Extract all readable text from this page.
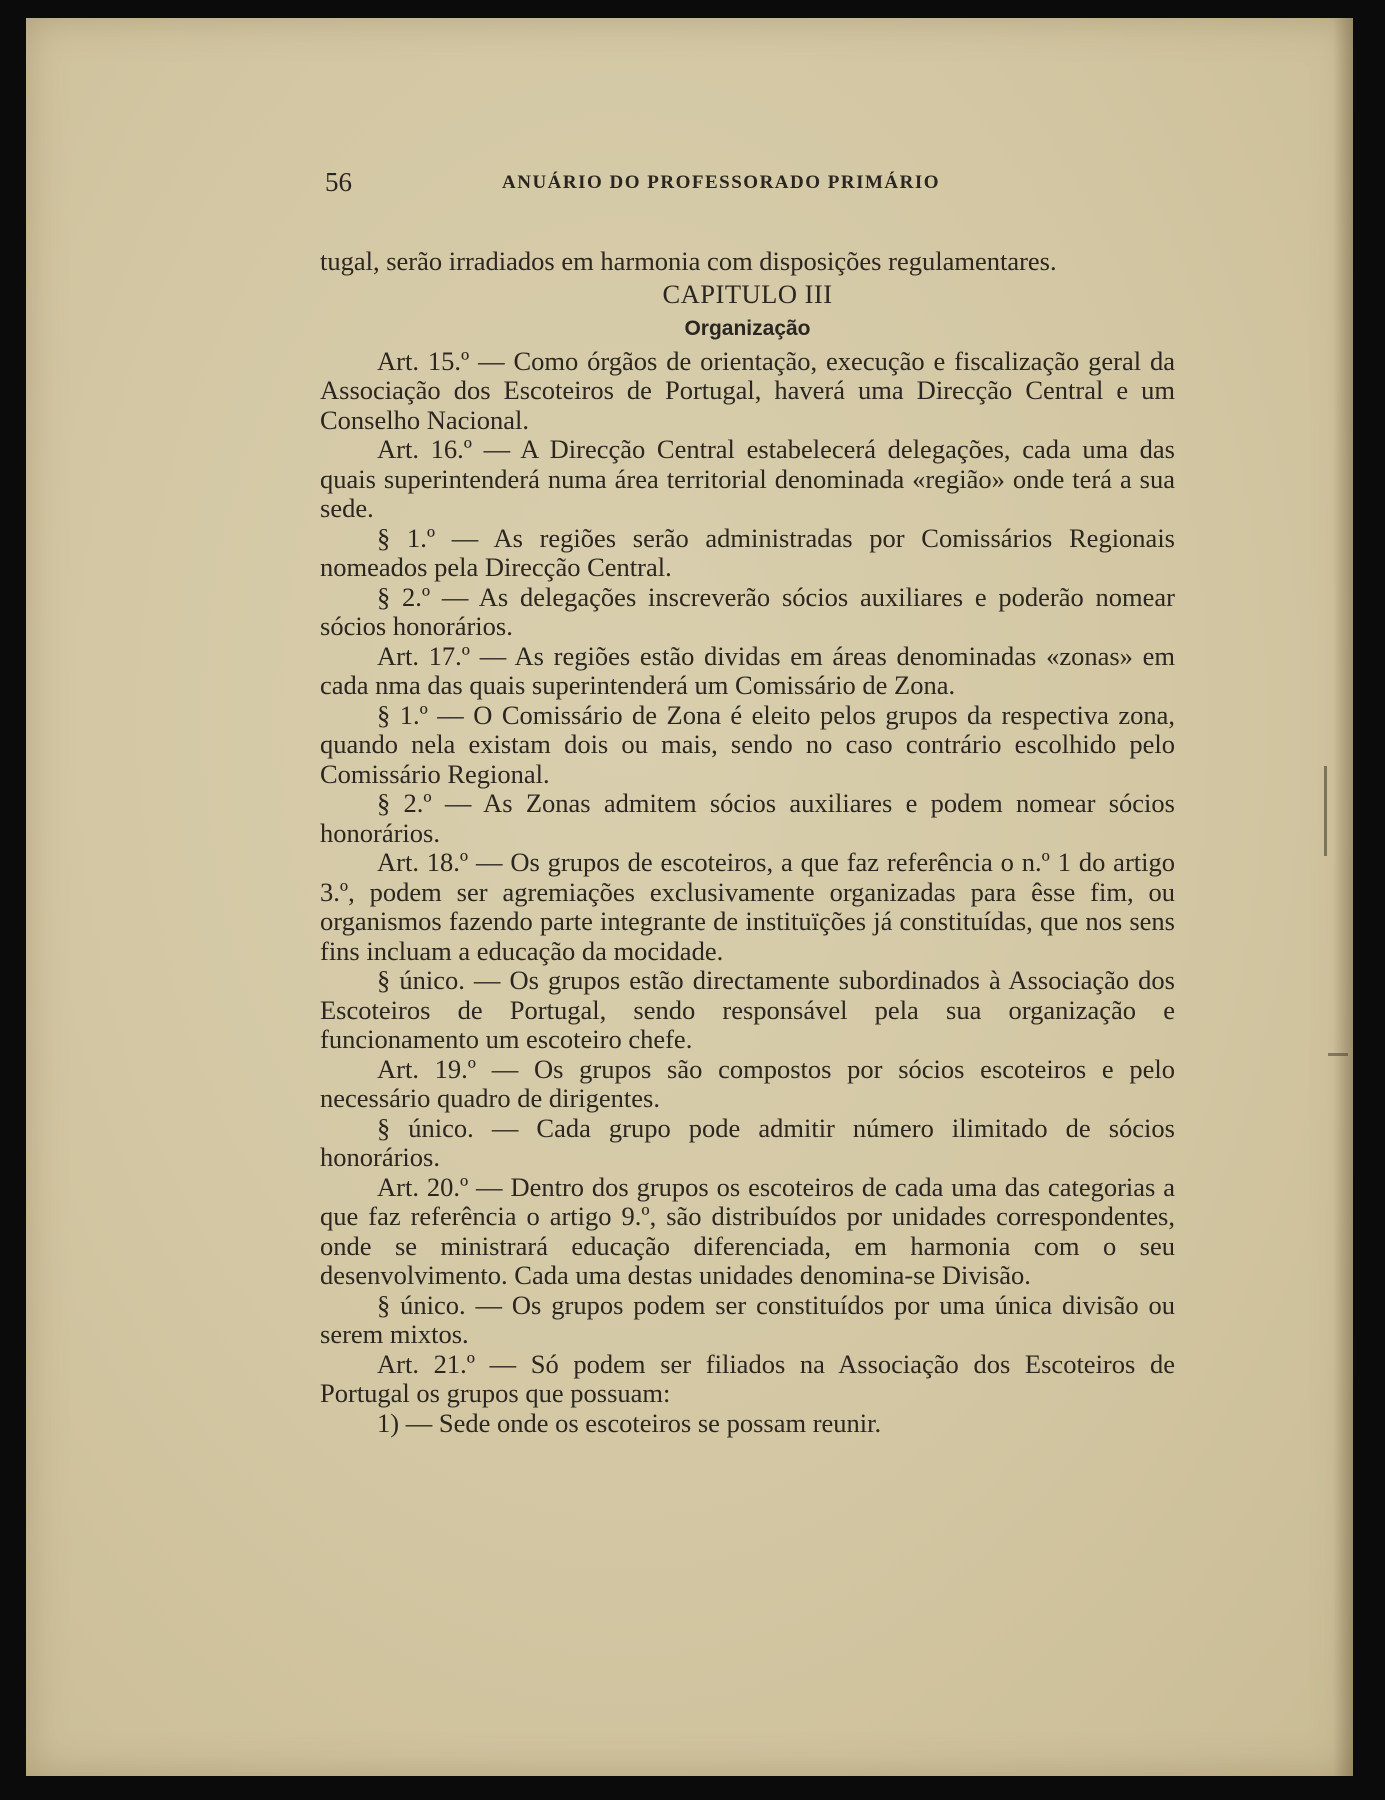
56	ANUÁRIO DO PROFESSORADO PRIMÁRIO

tugal, serão irradiados em harmonia com disposições regulamentares.

CAPITULO III

Organização

Art. 15.º — Como órgãos de orientação, execução e fiscalização geral da Associação dos Escoteiros de Portugal, haverá uma Direcção Central e um Conselho Nacional.

Art. 16.º — A Direcção Central estabelecerá delegações, cada uma das quais superintenderá numa área territorial denominada «região» onde terá a sua sede.

§ 1.º — As regiões serão administradas por Comissários Regionais nomeados pela Direcção Central.

§ 2.º — As delegações inscreverão sócios auxiliares e poderão nomear sócios honorários.

Art. 17.º — As regiões estão dividas em áreas denominadas «zonas» em cada nma das quais superintenderá um Comissário de Zona.

§ 1.º — O Comissário de Zona é eleito pelos grupos da respectiva zona, quando nela existam dois ou mais, sendo no caso contrário escolhido pelo Comissário Regional.

§ 2.º — As Zonas admitem sócios auxiliares e podem nomear sócios honorários.

Art. 18.º — Os grupos de escoteiros, a que faz referência o n.º 1 do artigo 3.º, podem ser agremiações exclusivamente organizadas para êsse fim, ou organismos fazendo parte integrante de instituïções já constituídas, que nos sens fins incluam a educação da mocidade.

§ único. — Os grupos estão directamente subordinados à Associação dos Escoteiros de Portugal, sendo responsável pela sua organização e funcionamento um escoteiro chefe.

Art. 19.º — Os grupos são compostos por sócios escoteiros e pelo necessário quadro de dirigentes.

§ único. — Cada grupo pode admitir número ilimitado de sócios honorários.

Art. 20.º — Dentro dos grupos os escoteiros de cada uma das categorias a que faz referência o artigo 9.º, são distribuídos por unidades correspondentes, onde se ministrará educação diferenciada, em harmonia com o seu desenvolvimento. Cada uma destas unidades denomina-se Divisão.

§ único. — Os grupos podem ser constituídos por uma única divisão ou serem mixtos.

Art. 21.º — Só podem ser filiados na Associação dos Escoteiros de Portugal os grupos que possuam:

1) — Sede onde os escoteiros se possam reunir.
